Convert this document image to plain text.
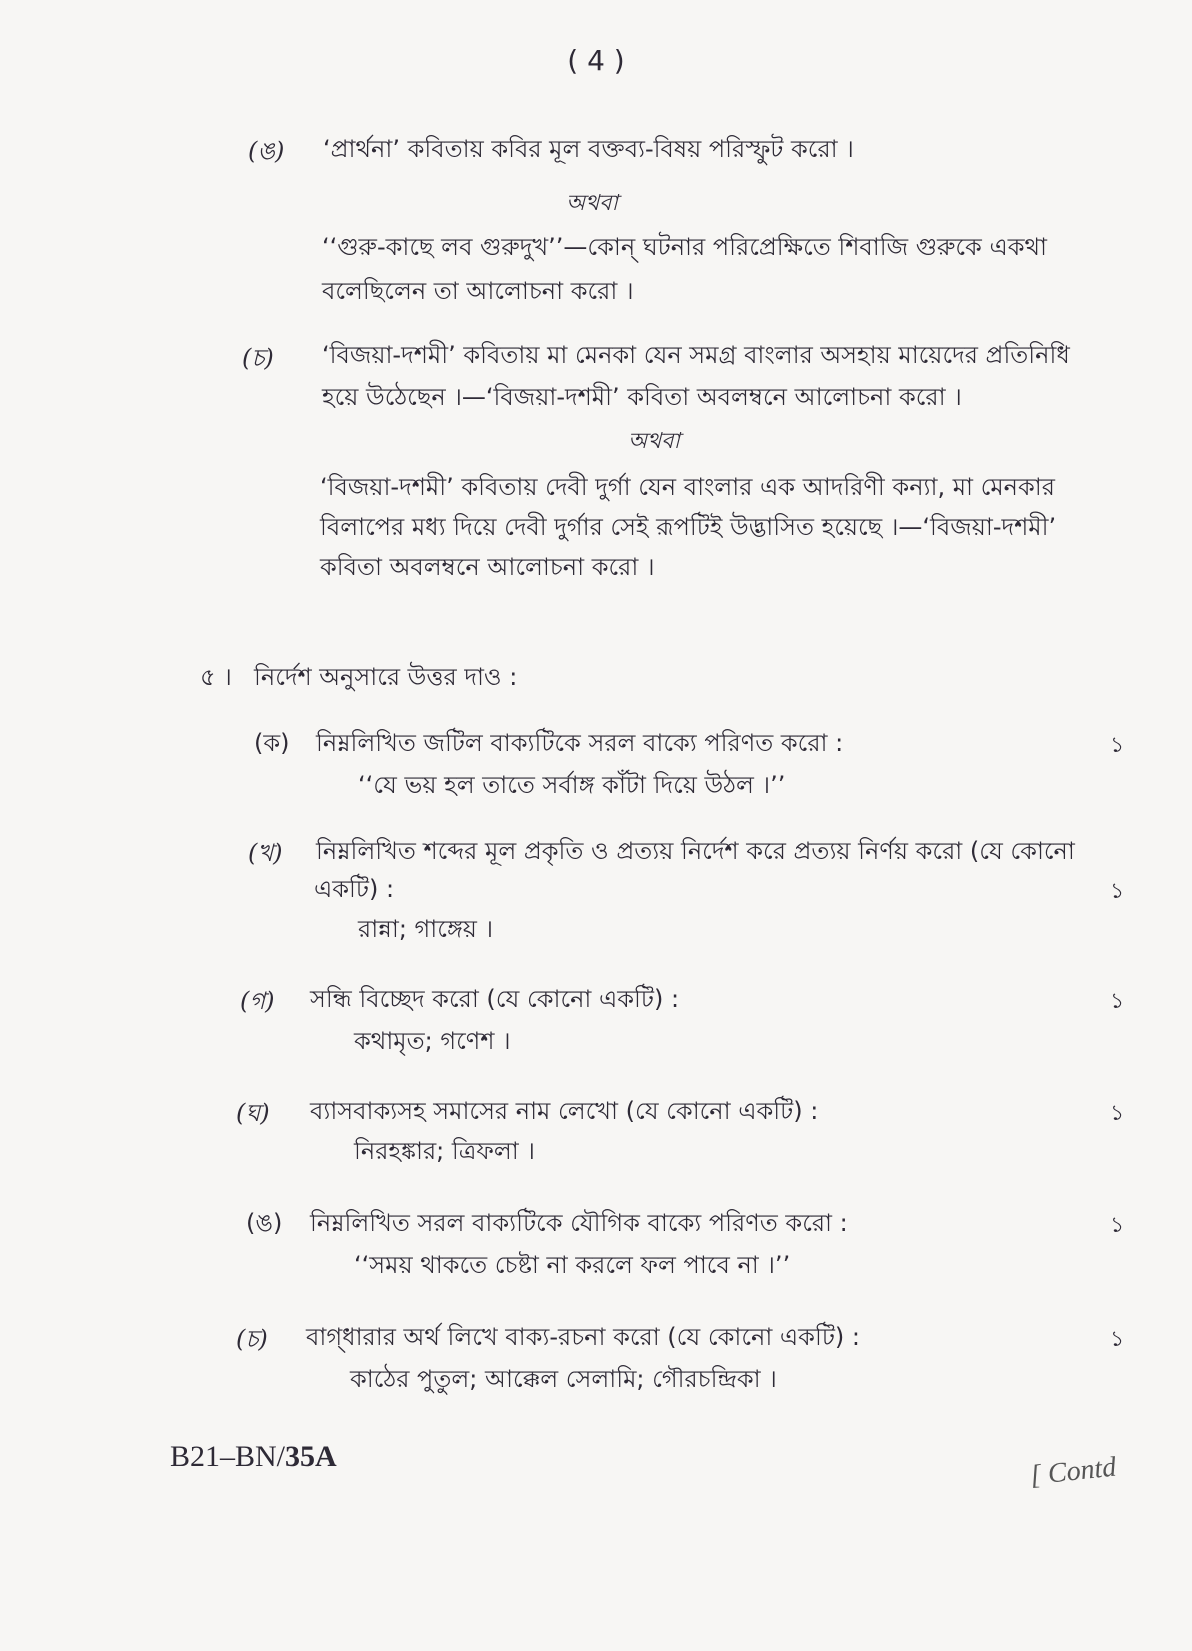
( 4 )
(ঙ) ‘প্রার্থনা’ কবিতায় কবির মূল বক্তব্য-বিষয় পরিস্ফুট করো ।
অথবা
‘‘গুরু-কাছে লব গুরুদুখ’’—কোন্ ঘটনার পরিপ্রেক্ষিতে শিবাজি গুরুকে একথা
বলেছিলেন তা আলোচনা করো ।
(চ) ‘বিজয়া-দশমী’ কবিতায় মা মেনকা যেন সমগ্র বাংলার অসহায় মায়েদের প্রতিনিধি
হয়ে উঠেছেন ।—‘বিজয়া-দশমী’ কবিতা অবলম্বনে আলোচনা করো ।
অথবা
‘বিজয়া-দশমী’ কবিতায় দেবী দুর্গা যেন বাংলার এক আদরিণী কন্যা, মা মেনকার
বিলাপের মধ্য দিয়ে দেবী দুর্গার সেই রূপটিই উদ্ভাসিত হয়েছে ।—‘বিজয়া-দশমী’
কবিতা অবলম্বনে আলোচনা করো ।
৫ । নির্দেশ অনুসারে উত্তর দাও :
(ক) নিম্নলিখিত জটিল বাক্যটিকে সরল বাক্যে পরিণত করো :
‘‘যে ভয় হল তাতে সর্বাঙ্গ কাঁটা দিয়ে উঠল ।’’
১
(খ) নিম্নলিখিত শব্দের মূল প্রকৃতি ও প্রত্যয় নির্দেশ করে প্রত্যয় নির্ণয় করো (যে কোনো
একটি) :
রান্না; গাঙ্গেয় ।
১
(গ) সন্ধি বিচ্ছেদ করো (যে কোনো একটি) :
কথামৃত; গণেশ ।
১
(ঘ) ব্যাসবাক্যসহ সমাসের নাম লেখো (যে কোনো একটি) :
নিরহঙ্কার; ত্রিফলা ।
১
(ঙ) নিম্নলিখিত সরল বাক্যটিকে যৌগিক বাক্যে পরিণত করো :
‘‘সময় থাকতে চেষ্টা না করলে ফল পাবে না ।’’
১
(চ) বাগ্‌ধারার অর্থ লিখে বাক্য-রচনা করো (যে কোনো একটি) :
কাঠের পুতুল; আক্কেল সেলামি; গৌরচন্দ্রিকা ।
১
B21–BN/35A	[ Contd
